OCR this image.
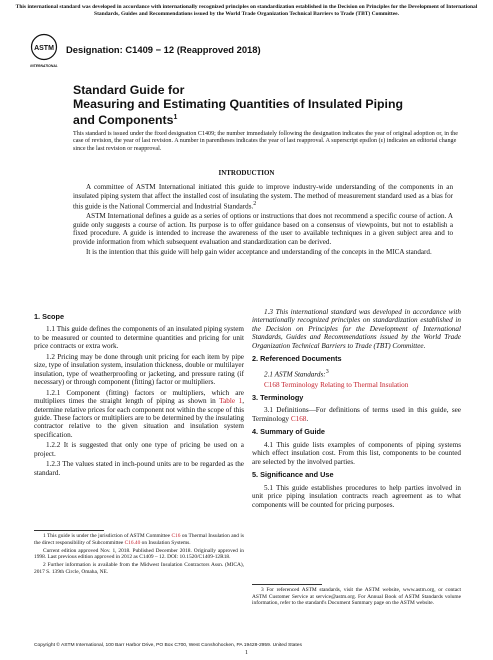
This international standard was developed in accordance with internationally recognized principles on standardization established in the Decision on Principles for the Development of International Standards, Guides and Recommendations issued by the World Trade Organization Technical Barriers to Trade (TBT) Committee.
ASTM
INTERNATIONAL
Designation: C1409 − 12 (Reapproved 2018)
Standard Guide for
Measuring and Estimating Quantities of Insulated Piping
and Components$^1$
This standard is issued under the fixed designation C1409; the number immediately following the designation indicates the year of original adoption or, in the case of revision, the year of last revision. A number in parentheses indicates the year of last reapproval. A superscript epsilon (ε) indicates an editorial change since the last revision or reapproval.
INTRODUCTION

A committee of ASTM International initiated this guide to improve industry-wide understanding of the components in an insulated piping system that affect the installed cost of insulating the system. The method of measurement standard used as a bias for this guide is the National Commercial and Industrial Standards.$^2$

ASTM International defines a guide as a series of options or instructions that does not recommend a specific course of action. A guide only suggests a course of action. Its purpose is to offer guidance based on a consensus of viewpoints, but not to establish a fixed procedure. A guide is intended to increase the awareness of the user to available techniques in a given subject area and to provide information from which subsequent evaluation and standardization can be derived.

It is the intention that this guide will help gain wider acceptance and understanding of the concepts in the MICA standard.

1. Scope

1.1 This guide defines the components of an insulated piping system to be measured or counted to determine quantities and pricing for unit price contracts or extra work.

1.2 Pricing may be done through unit pricing for each item by pipe size, type of insulation system, insulation thickness, double or multilayer insulation, type of weatherproofing or jacketing, and pressure rating (if necessary) or through component (fitting) factor or multipliers.

1.2.1 Component (fitting) factors or multipliers, which are multipliers times the straight length of piping as shown in Table 1, determine relative prices for each component not within the scope of this guide. These factors or multipliers are to be determined by the insulating contractor relative to the given situation and insulation system specification.

1.2.2 It is suggested that only one type of pricing be used on a project.

1.2.3 The values stated in inch-pound units are to be regarded as the standard.

1.3 This international standard was developed in accordance with internationally recognized principles on standardization established in the Decision on Principles for the Development of International Standards, Guides and Recommendations issued by the World Trade Organization Technical Barriers to Trade (TBT) Committee.

2. Referenced Documents

2.1 ASTM Standards:$^3$

C168 Terminology Relating to Thermal Insulation

3. Terminology

3.1 Definitions—For definitions of terms used in this guide, see Terminology C168.

4. Summary of Guide

4.1 This guide lists examples of components of piping systems which effect insulation cost. From this list, components to be counted are selected by the involved parties.

5. Significance and Use

5.1 This guide establishes procedures to help parties involved in unit price piping insulation contracts reach agreement as to what components will be counted for pricing purposes.

1 This guide is under the jurisdiction of ASTM Committee C16 on Thermal Insulation and is the direct responsibility of Subcommittee C16.40 on Insulation Systems.

Current edition approved Nov. 1, 2018. Published December 2018. Originally approved in 1998. Last previous edition approved in 2012 as C1409 – 12. DOI: 10.1520/C1409-12R18.

2 Further information is available from the Midwest Insulation Contractors Assn. (MICA), 2017 S. 139th Circle, Omaha, NE.

3 For referenced ASTM standards, visit the ASTM website, www.astm.org, or contact ASTM Customer Service at service@astm.org. For Annual Book of ASTM Standards volume information, refer to the standard's Document Summary page on the ASTM website.

Copyright © ASTM International, 100 Barr Harbor Drive, PO Box C700, West Conshohocken, PA 19428-2959. United States
1
